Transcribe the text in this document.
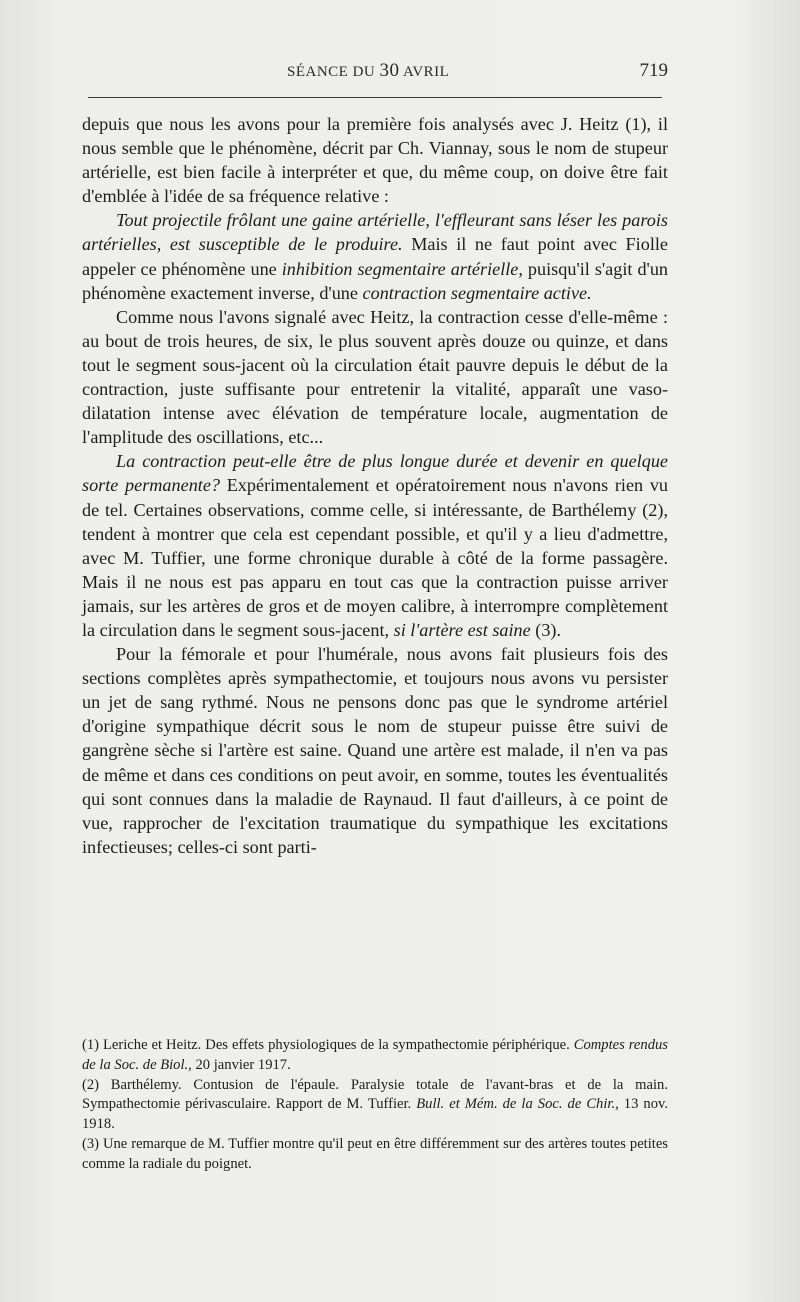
SÉANCE DU 30 AVRIL	719

depuis que nous les avons pour la première fois analysés avec J. Heitz (1), il nous semble que le phénomène, décrit par Ch. Viannay, sous le nom de stupeur artérielle, est bien facile à interpréter et que, du même coup, on doive être fait d'emblée à l'idée de sa fréquence relative :

Tout projectile frôlant une gaine artérielle, l'effleurant sans léser les parois artérielles, est susceptible de le produire. Mais il ne faut point avec Fiolle appeler ce phénomène une inhibition segmentaire artérielle, puisqu'il s'agit d'un phénomène exactement inverse, d'une contraction segmentaire active.

Comme nous l'avons signalé avec Heitz, la contraction cesse d'elle-même : au bout de trois heures, de six, le plus souvent après douze ou quinze, et dans tout le segment sous-jacent où la circulation était pauvre depuis le début de la contraction, juste suffisante pour entretenir la vitalité, apparaît une vaso-dilatation intense avec élévation de température locale, augmentation de l'amplitude des oscillations, etc...

La contraction peut-elle être de plus longue durée et devenir en quelque sorte permanente? Expérimentalement et opératoirement nous n'avons rien vu de tel. Certaines observations, comme celle, si intéressante, de Barthélemy (2), tendent à montrer que cela est cependant possible, et qu'il y a lieu d'admettre, avec M. Tuffier, une forme chronique durable à côté de la forme passagère. Mais il ne nous est pas apparu en tout cas que la contraction puisse arriver jamais, sur les artères de gros et de moyen calibre, à interrompre complètement la circulation dans le segment sous-jacent, si l'artère est saine (3).

Pour la fémorale et pour l'humérale, nous avons fait plusieurs fois des sections complètes après sympathectomie, et toujours nous avons vu persister un jet de sang rythmé. Nous ne pensons donc pas que le syndrome artériel d'origine sympathique décrit sous le nom de stupeur puisse être suivi de gangrène sèche si l'artère est saine. Quand une artère est malade, il n'en va pas de même et dans ces conditions on peut avoir, en somme, toutes les éventualités qui sont connues dans la maladie de Raynaud. Il faut d'ailleurs, à ce point de vue, rapprocher de l'excitation traumatique du sympathique les excitations infectieuses; celles-ci sont parti-

(1) Leriche et Heitz. Des effets physiologiques de la sympathectomie périphérique. Comptes rendus de la Soc. de Biol., 20 janvier 1917.

(2) Barthélemy. Contusion de l'épaule. Paralysie totale de l'avant-bras et de la main. Sympathectomie périvasculaire. Rapport de M. Tuffier. Bull. et Mém. de la Soc. de Chir., 13 nov. 1918.

(3) Une remarque de M. Tuffier montre qu'il peut en être différemment sur des artères toutes petites comme la radiale du poignet.
